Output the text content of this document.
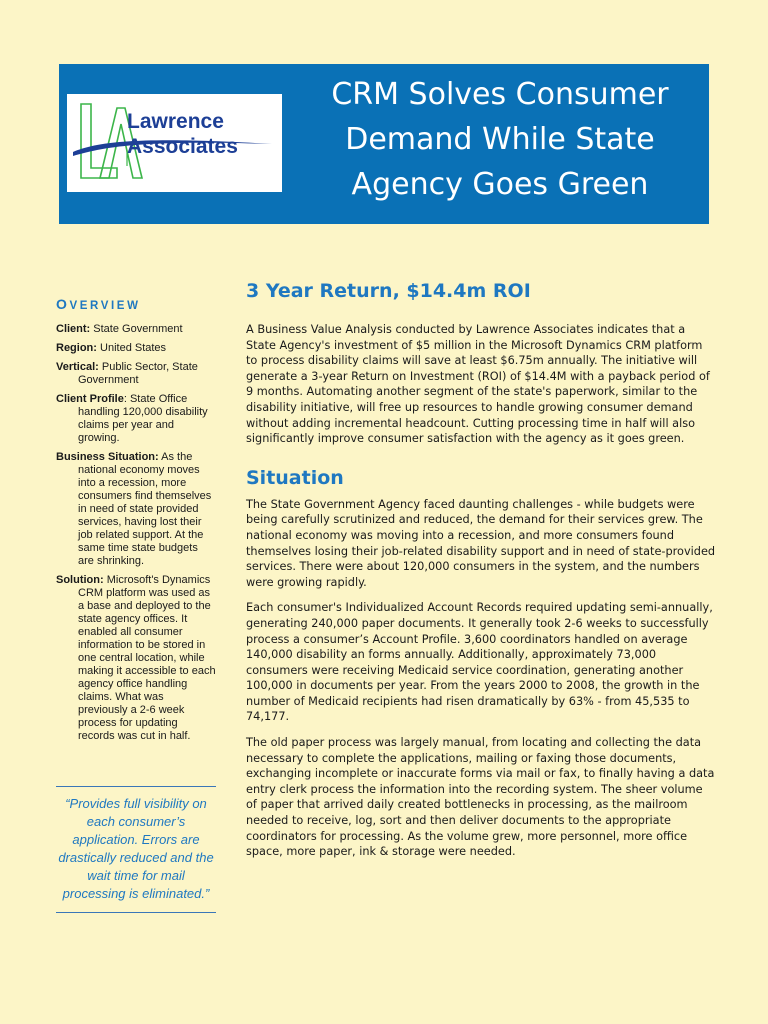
Lawrence
Associates
CRM Solves Consumer
Demand While State
Agency Goes Green
OVERVIEW
Client: State Government
Region: United States
Vertical: Public Sector, State Government
Client Profile: State Office handling 120,000 disability claims per year and growing.
Business Situation: As the national economy moves into a recession, more consumers find themselves in need of state provided services, having lost their job related support. At the same time state budgets are shrinking.
Solution: Microsoft's Dynamics CRM platform was used as a base and deployed to the state agency offices. It enabled all consumer information to be stored in one central location, while making it accessible to each agency office handling claims. What was previously a 2-6 week process for updating records was cut in half.
“Provides full visibility on each consumer’s application. Errors are drastically reduced and the wait time for mail processing is eliminated.”
3 Year Return, $14.4m ROI

A Business Value Analysis conducted by Lawrence Associates indicates that a State Agency's investment of $5 million in the Microsoft Dynamics CRM platform to process disability claims will save at least $6.75m annually. The initiative will generate a 3-year Return on Investment (ROI) of $14.4M with a payback period of 9 months. Automating another segment of the state's paperwork, similar to the disability initiative, will free up resources to handle growing consumer demand without adding incremental headcount. Cutting processing time in half will also significantly improve consumer satisfaction with the agency as it goes green.

Situation

The State Government Agency faced daunting challenges - while budgets were being carefully scrutinized and reduced, the demand for their services grew. The national economy was moving into a recession, and more consumers found themselves losing their job-related disability support and in need of state-provided services. There were about 120,000 consumers in the system, and the numbers were growing rapidly.

Each consumer's Individualized Account Records required updating semi-annually, generating 240,000 paper documents. It generally took 2-6 weeks to successfully process a consumer’s Account Profile. 3,600 coordinators handled on average 140,000 disability an forms annually. Additionally, approximately 73,000 consumers were receiving Medicaid service coordination, generating another 100,000 in documents per year. From the years 2000 to 2008, the growth in the number of Medicaid recipients had risen dramatically by 63% - from 45,535 to 74,177.

The old paper process was largely manual, from locating and collecting the data necessary to complete the applications, mailing or faxing those documents, exchanging incomplete or inaccurate forms via mail or fax, to finally having a data entry clerk process the information into the recording system. The sheer volume of paper that arrived daily created bottlenecks in processing, as the mailroom needed to receive, log, sort and then deliver documents to the appropriate coordinators for processing. As the volume grew, more personnel, more office space, more paper, ink & storage were needed.
